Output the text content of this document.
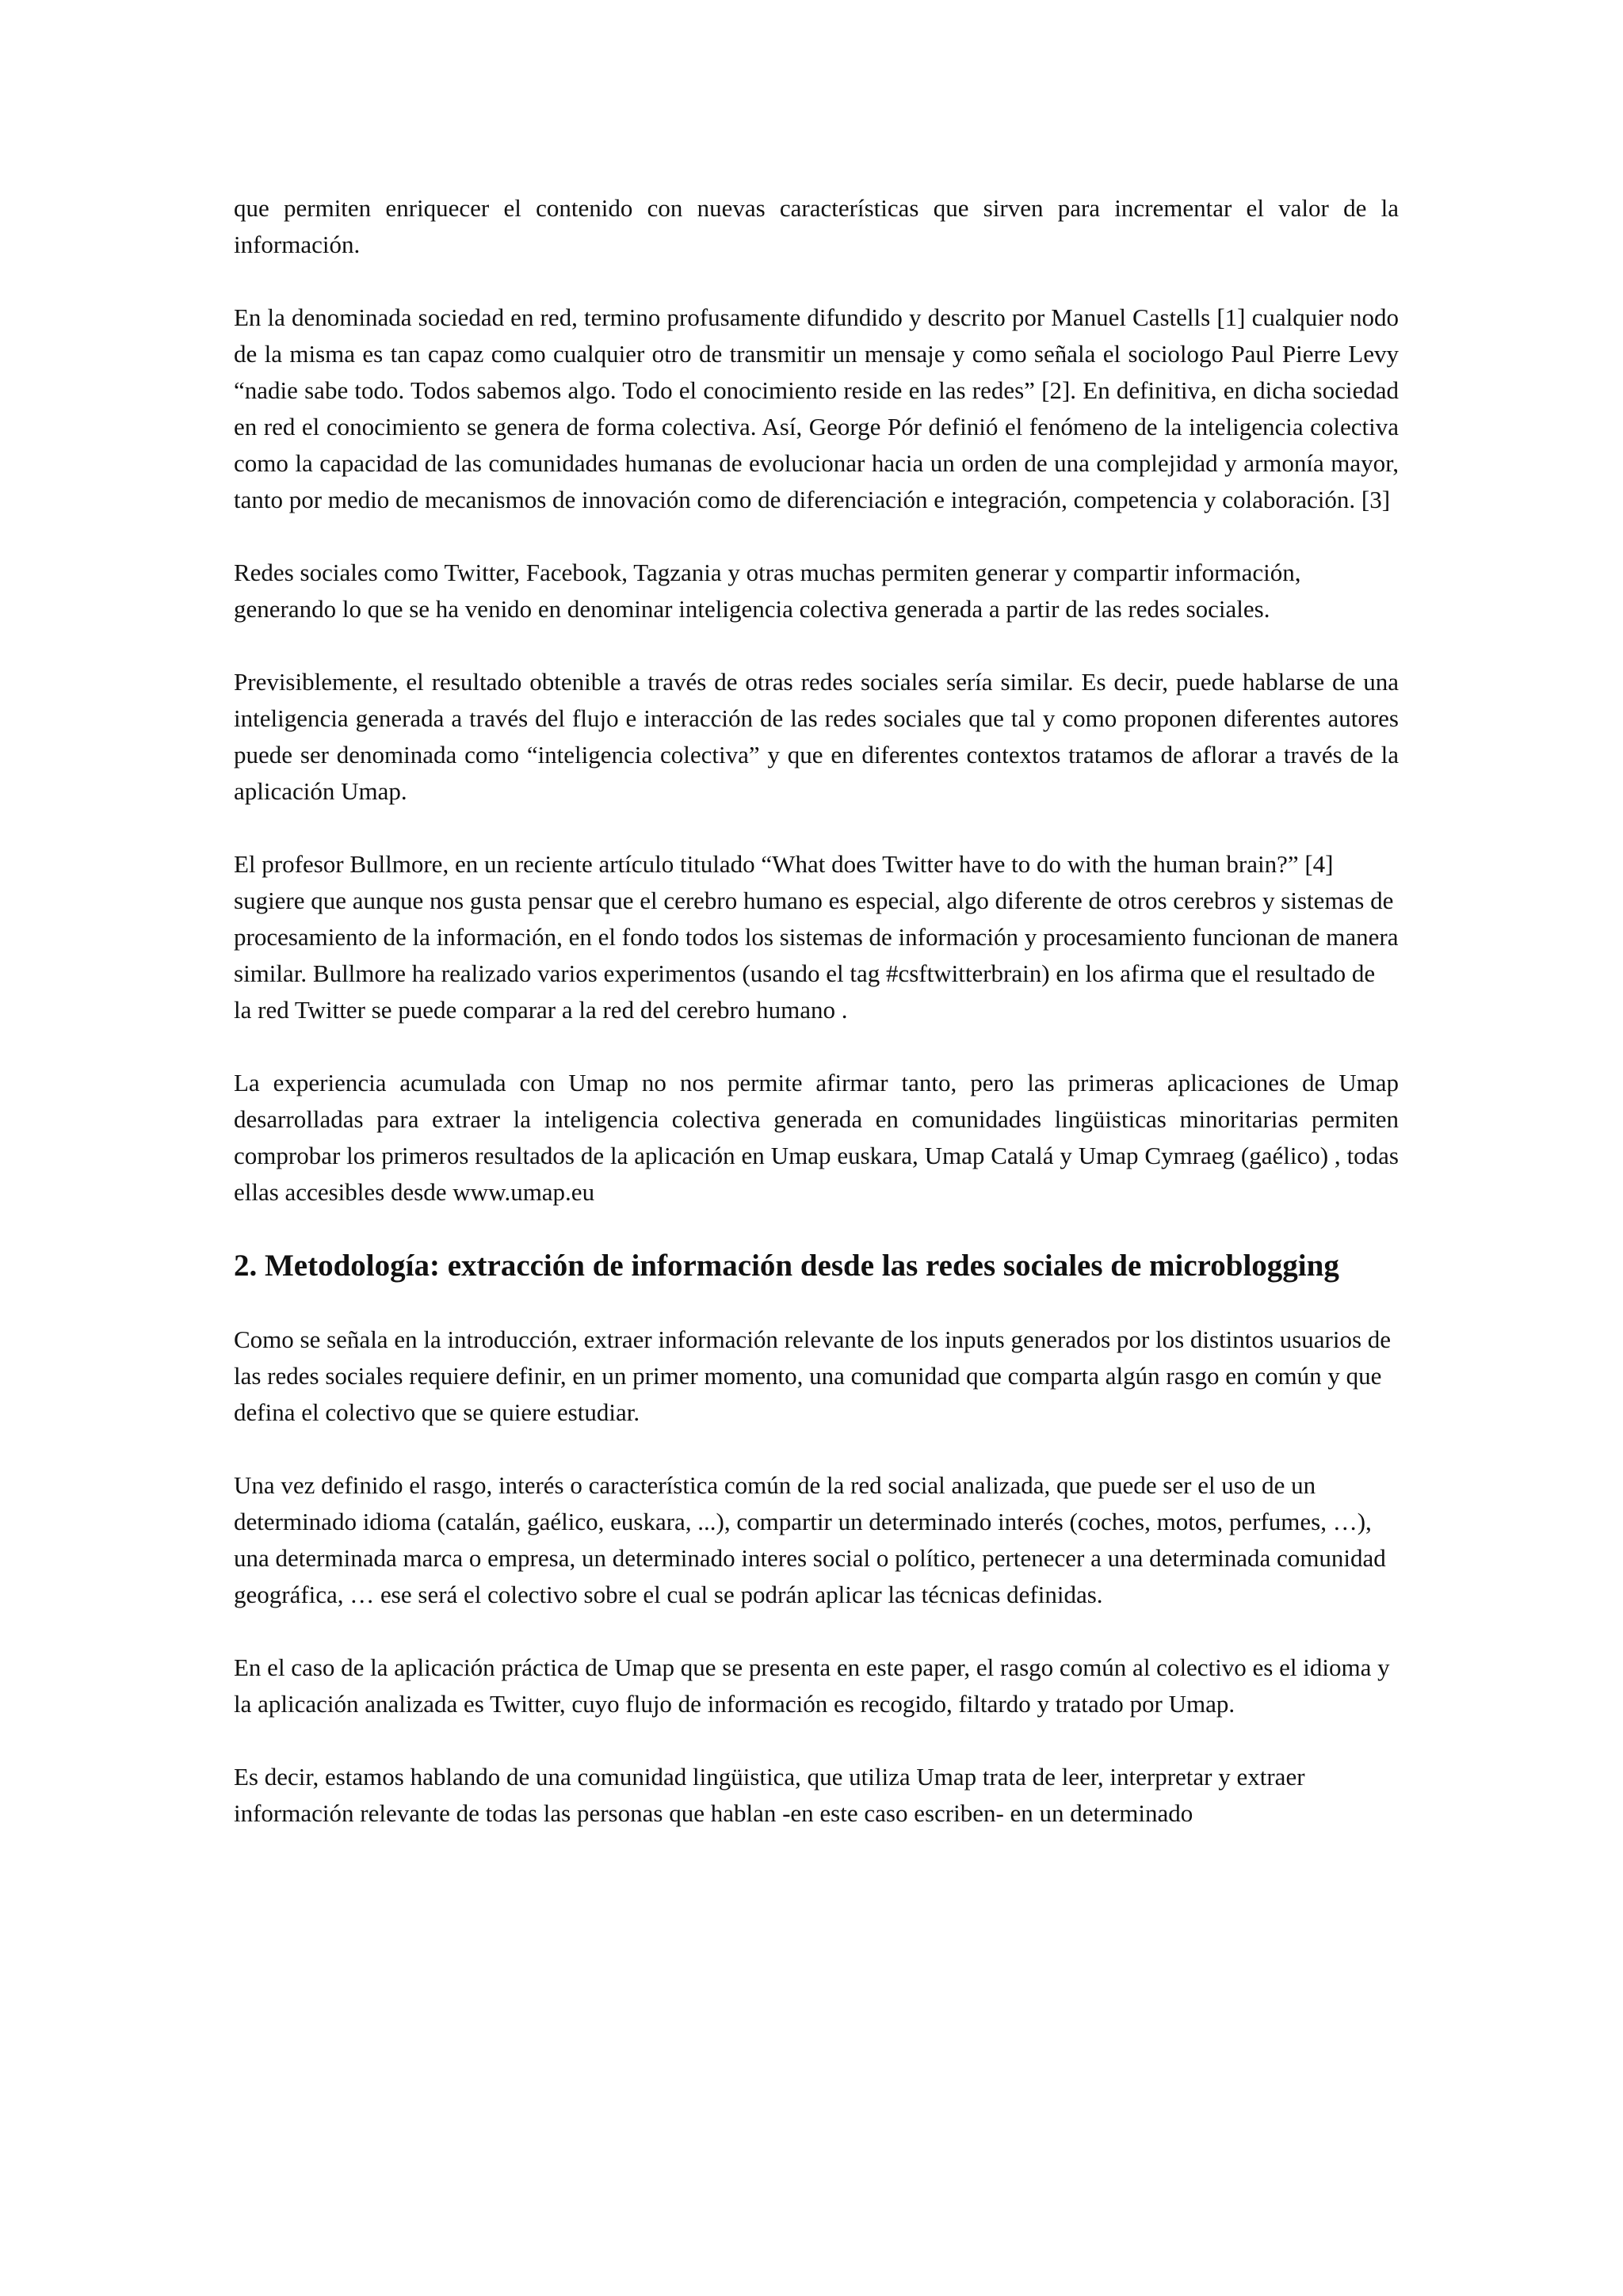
que permiten enriquecer el contenido con nuevas características que sirven para incrementar el valor de la información.

En la denominada sociedad en red, termino profusamente difundido y descrito por Manuel Castells [1] cualquier nodo de la misma es tan capaz como cualquier otro de transmitir un mensaje y como señala el sociologo Paul Pierre Levy “nadie sabe todo. Todos sabemos algo. Todo el conocimiento reside en las redes” [2]. En definitiva, en dicha sociedad en red el conocimiento se genera de forma colectiva. Así, George Pór definió el fenómeno de la inteligencia colectiva como la capacidad de las comunidades humanas de evolucionar hacia un orden de una complejidad y armonía mayor, tanto por medio de mecanismos de innovación como de diferenciación e integración, competencia y colaboración. [3]

Redes sociales como Twitter, Facebook, Tagzania y otras muchas permiten generar y compartir información, generando lo que se ha venido en denominar inteligencia colectiva generada a partir de las redes sociales.

Previsiblemente, el resultado obtenible a través de otras redes sociales sería similar. Es decir, puede hablarse de una inteligencia generada a través del flujo e interacción de las redes sociales que tal y como proponen diferentes autores puede ser denominada como “inteligencia colectiva” y que en diferentes contextos tratamos de aflorar a través de la aplicación Umap.

El profesor Bullmore, en un reciente artículo titulado “What does Twitter have to do with the human brain?” [4] sugiere que aunque nos gusta pensar que el cerebro humano es especial, algo diferente de otros cerebros y sistemas de procesamiento de la información, en el fondo todos los sistemas de información y procesamiento funcionan de manera similar. Bullmore ha realizado varios experimentos (usando el tag #csftwitterbrain) en los afirma que el resultado de la red Twitter se puede comparar a la red del cerebro humano .

La experiencia acumulada con Umap no nos permite afirmar tanto, pero las primeras aplicaciones de Umap desarrolladas para extraer la inteligencia colectiva generada en comunidades lingüisticas minoritarias permiten comprobar los primeros resultados de la aplicación en Umap euskara, Umap Catalá y Umap Cymraeg (gaélico) , todas ellas accesibles desde www.umap.eu

2. Metodología: extracción de información desde las redes sociales de microblogging

Como se señala en la introducción, extraer información relevante de los inputs generados por los distintos usuarios de las redes sociales requiere definir, en un primer momento, una comunidad que comparta algún rasgo en común y que defina el colectivo que se quiere estudiar.

Una vez definido el rasgo, interés o característica común de la red social analizada, que puede ser el uso de un determinado idioma (catalán, gaélico, euskara, ...), compartir un determinado interés (coches, motos, perfumes, …), una determinada marca o empresa, un determinado interes social o político, pertenecer a una determinada comunidad geográfica, … ese será el colectivo sobre el cual se podrán aplicar las técnicas definidas.

En el caso de la aplicación práctica de Umap que se presenta en este paper, el rasgo común al colectivo es el idioma y la aplicación analizada es Twitter, cuyo flujo de información es recogido, filtardo y tratado por Umap.

Es decir, estamos hablando de una comunidad lingüistica, que utiliza Umap trata de leer, interpretar y extraer información relevante de todas las personas que hablan -en este caso escriben- en un determinado
